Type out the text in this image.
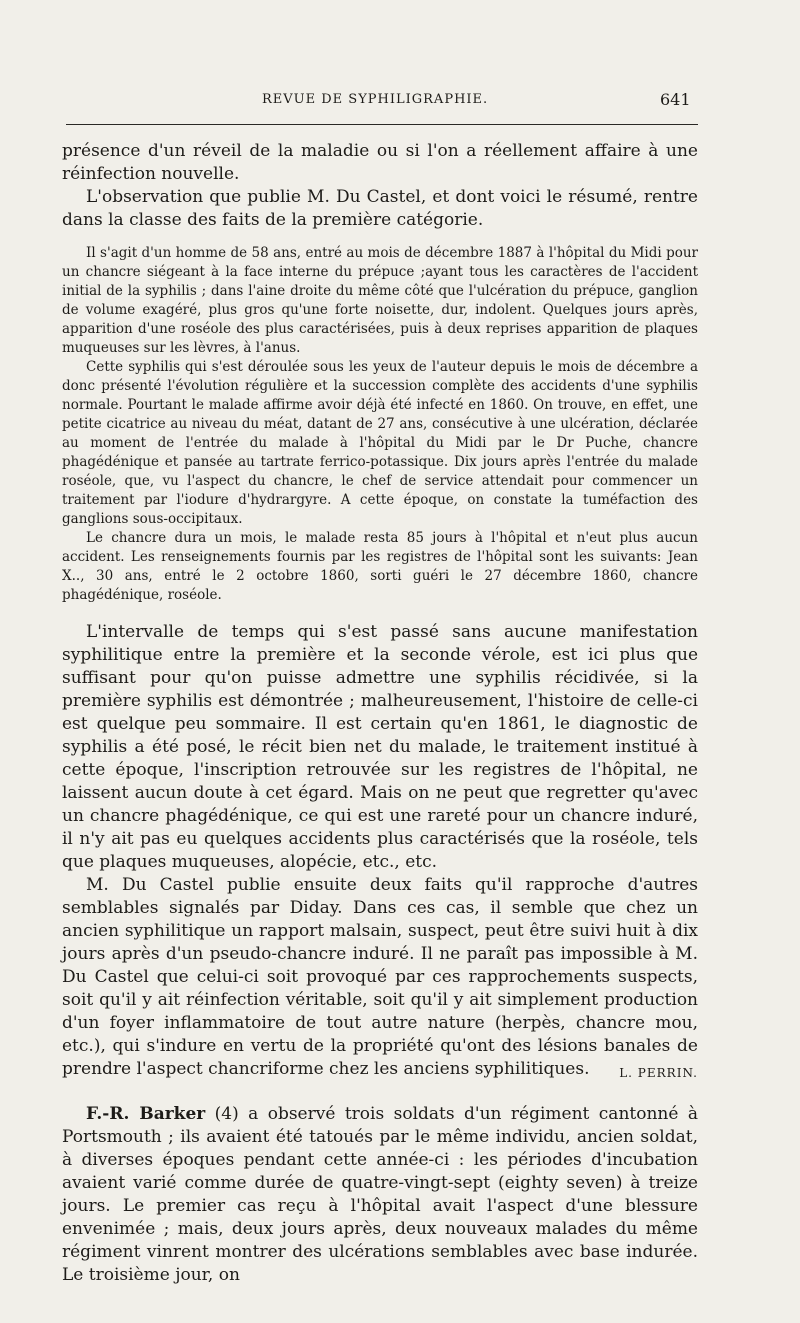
REVUE DE SYPHILIGRAPHIE.	641

présence d'un réveil de la maladie ou si l'on a réellement affaire à une réinfection nouvelle.

L'observation que publie M. Du Castel, et dont voici le résumé, rentre dans la classe des faits de la première catégorie.

Il s'agit d'un homme de 58 ans, entré au mois de décembre 1887 à l'hôpital du Midi pour un chancre siégeant à la face interne du prépuce ;ayant tous les caractères de l'accident initial de la syphilis ; dans l'aine droite du même côté que l'ulcération du prépuce, ganglion de volume exagéré, plus gros qu'une forte noisette, dur, indolent. Quelques jours après, apparition d'une roséole des plus caractérisées, puis à deux reprises apparition de plaques muqueuses sur les lèvres, à l'anus.

Cette syphilis qui s'est déroulée sous les yeux de l'auteur depuis le mois de décembre a donc présenté l'évolution régulière et la succession complète des accidents d'une syphilis normale. Pourtant le malade affirme avoir déjà été infecté en 1860. On trouve, en effet, une petite cicatrice au niveau du méat, datant de 27 ans, consécutive à une ulcération, déclarée au moment de l'entrée du malade à l'hôpital du Midi par le Dr Puche, chancre phagédénique et pansée au tartrate ferrico-potassique. Dix jours après l'entrée du malade roséole, que, vu l'aspect du chancre, le chef de service attendait pour commencer un traitement par l'iodure d'hydrargyre. A cette époque, on constate la tuméfaction des ganglions sous-occipitaux.

Le chancre dura un mois, le malade resta 85 jours à l'hôpital et n'eut plus aucun accident. Les renseignements fournis par les registres de l'hôpital sont les suivants: Jean X.., 30 ans, entré le 2 octobre 1860, sorti guéri le 27 décembre 1860, chancre phagédénique, roséole.

L'intervalle de temps qui s'est passé sans aucune manifestation syphilitique entre la première et la seconde vérole, est ici plus que suffisant pour qu'on puisse admettre une syphilis récidivée, si la première syphilis est démontrée ; malheureusement, l'histoire de celle-ci est quelque peu sommaire. Il est certain qu'en 1861, le diagnostic de syphilis a été posé, le récit bien net du malade, le traitement institué à cette époque, l'inscription retrouvée sur les registres de l'hôpital, ne laissent aucun doute à cet égard. Mais on ne peut que regretter qu'avec un chancre phagédénique, ce qui est une rareté pour un chancre induré, il n'y ait pas eu quelques accidents plus caractérisés que la roséole, tels que plaques muqueuses, alopécie, etc., etc.

M. Du Castel publie ensuite deux faits qu'il rapproche d'autres semblables signalés par Diday. Dans ces cas, il semble que chez un ancien syphilitique un rapport malsain, suspect, peut être suivi huit à dix jours après d'un pseudo-chancre induré. Il ne paraît pas impossible à M. Du Castel que celui-ci soit provoqué par ces rapprochements suspects, soit qu'il y ait réinfection véritable, soit qu'il y ait simplement production d'un foyer inflammatoire de tout autre nature (herpès, chancre mou, etc.), qui s'indure en vertu de la propriété qu'ont des lésions banales de prendre l'aspect chancriforme chez les anciens syphilitiques.	L. PERRIN.

F.-R. Barker (4) a observé trois soldats d'un régiment cantonné à Portsmouth ; ils avaient été tatoués par le même individu, ancien soldat, à diverses époques pendant cette année-ci : les périodes d'incubation avaient varié comme durée de quatre-vingt-sept (eighty seven) à treize jours. Le premier cas reçu à l'hôpital avait l'aspect d'une blessure envenimée ; mais, deux jours après, deux nouveaux malades du même régiment vinrent montrer des ulcérations semblables avec base indurée. Le troisième jour, on
